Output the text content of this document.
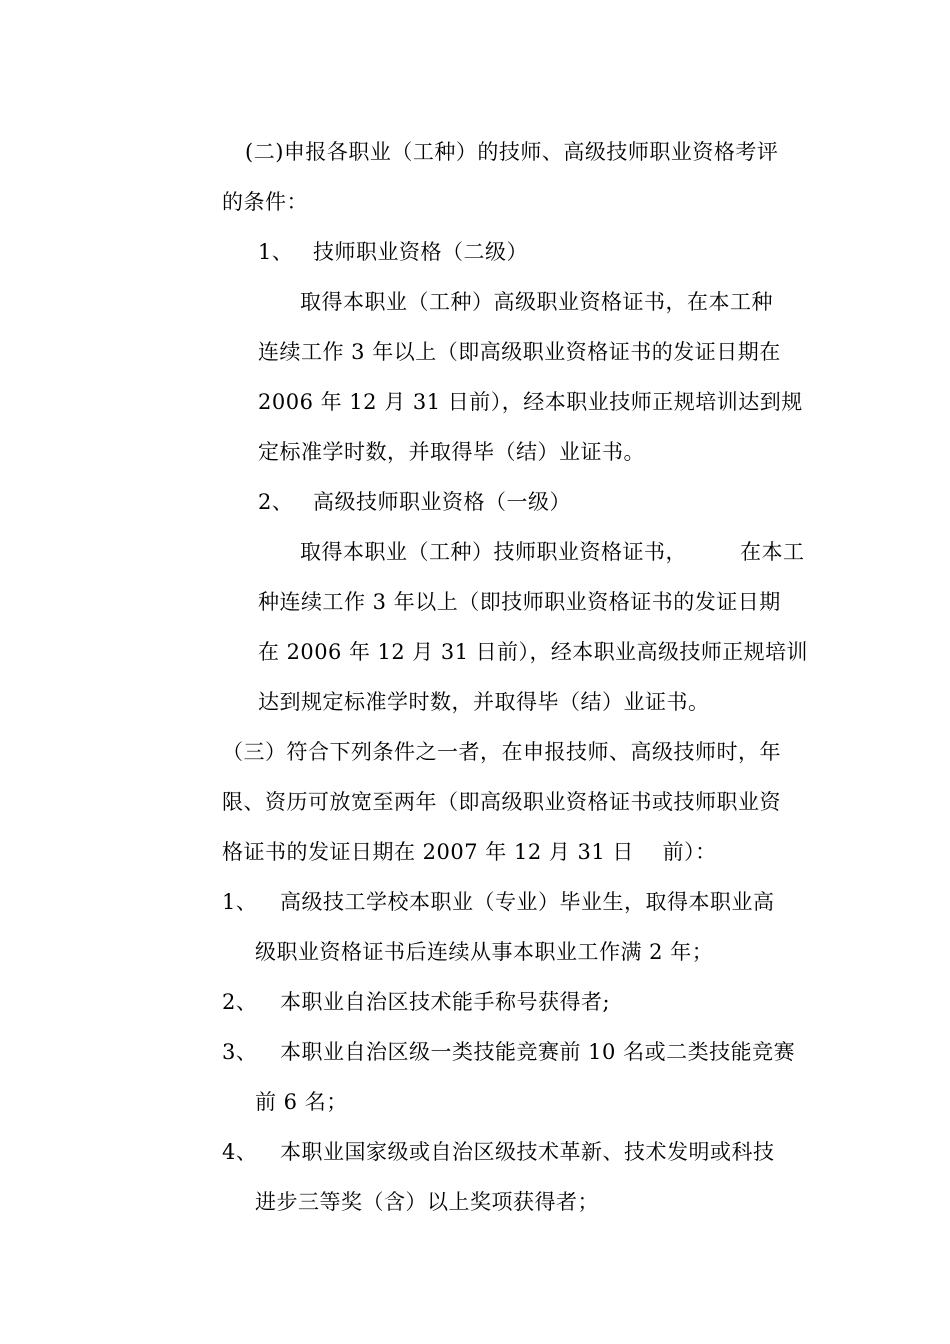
(二)申报各职业（工种）的技师、高级技师职业资格考评
的条件：
1、 技师职业资格（二级）
取得本职业（工种）高级职业资格证书，在本工种
连续工作 3 年以上（即高级职业资格证书的发证日期在
2006 年 12 月 31 日前），经本职业技师正规培训达到规
定标准学时数，并取得毕（结）业证书。
2、 高级技师职业资格（一级）
取得本职业（工种）技师职业资格证书，	在本工
种连续工作 3 年以上（即技师职业资格证书的发证日期
在 2006 年 12 月 31 日前），经本职业高级技师正规培训
达到规定标准学时数，并取得毕（结）业证书。
（三）符合下列条件之一者，在申报技师、高级技师时，年
限、资历可放宽至两年（即高级职业资格证书或技师职业资
格证书的发证日期在 2007 年 12 月 31 日　 前）：
1、 高级技工学校本职业（专业）毕业生，取得本职业高
级职业资格证书后连续从事本职业工作满 2 年；
2、 本职业自治区技术能手称号获得者;
3、 本职业自治区级一类技能竞赛前 10 名或二类技能竞赛
前 6 名；
4、 本职业国家级或自治区级技术革新、技术发明或科技
进步三等奖（含）以上奖项获得者；
